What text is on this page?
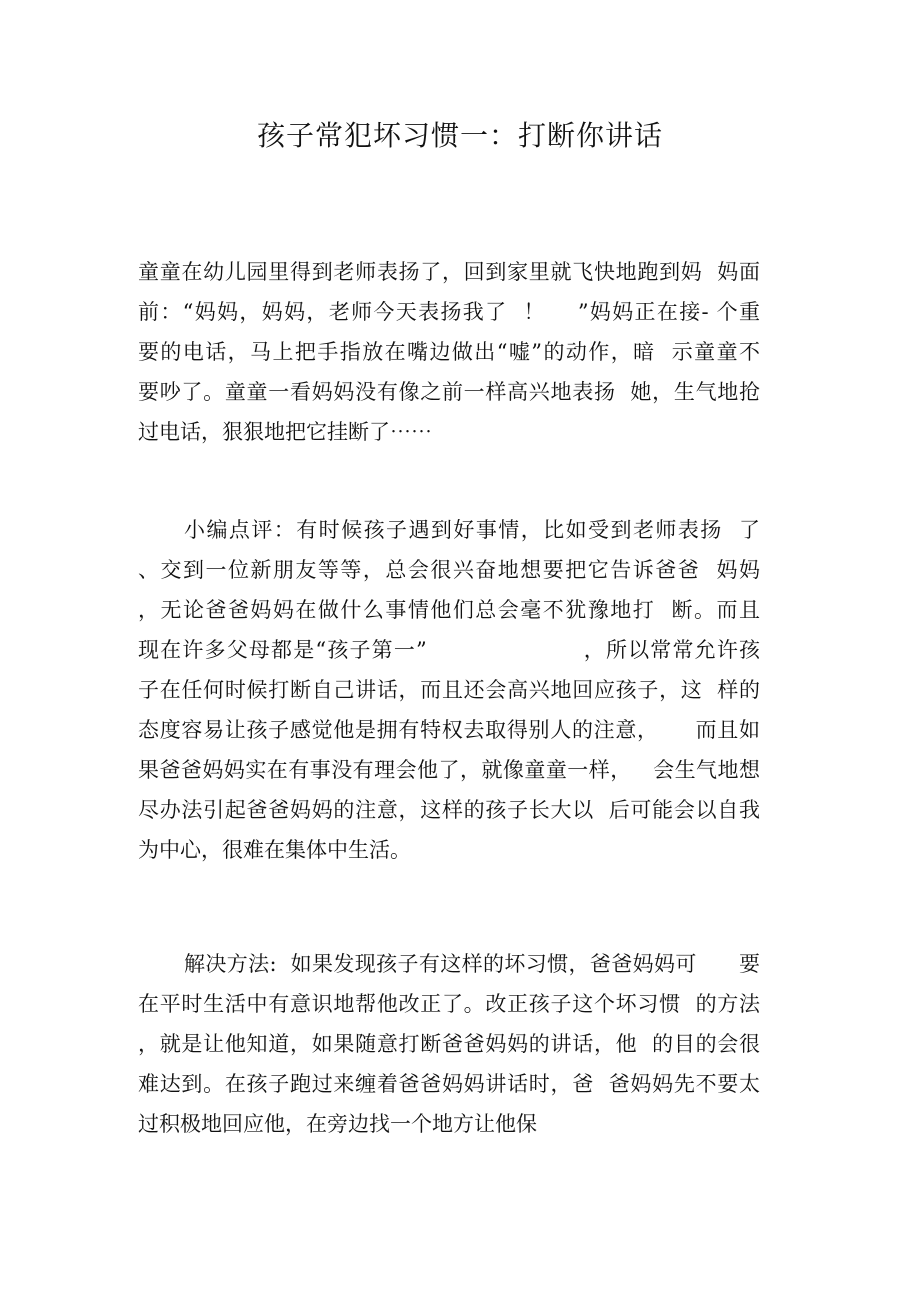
孩子常犯坏习惯一：打断你讲话
童童在幼儿园里得到老师表扬了，回到家里就飞快地跑到妈  妈面
前：“妈妈，妈妈，老师今天表扬我了  ！    ”妈妈正在接- 个重
要的电话，马上把手指放在嘴边做出“嘘”的动作，暗  示童童不
要吵了。童童一看妈妈没有像之前一样高兴地表扬  她，生气地抢
过电话，狠狠地把它挂断了⋯⋯
小编点评：有时候孩子遇到好事情，比如受到老师表扬  了
、交到一位新朋友等等，总会很兴奋地想要把它告诉爸爸  妈妈
，无论爸爸妈妈在做什么事情他们总会毫不犹豫地打  断。而且
现在许多父母都是“孩子第一”                    ，所以常常允许孩
子在任何时候打断自己讲话，而且还会高兴地回应孩子，这  样的
态度容易让孩子感觉他是拥有特权去取得别人的注意，     而且如
果爸爸妈妈实在有事没有理会他了，就像童童一样，   会生气地想
尽办法引起爸爸妈妈的注意，这样的孩子长大以  后可能会以自我
为中心，很难在集体中生活。
解决方法:  如果发现孩子有这样的坏习惯，爸爸妈妈可      要
在平时生活中有意识地帮他改正了。改正孩子这个坏习惯  的方法
，就是让他知道，如果随意打断爸爸妈妈的讲话，他  的目的会很
难达到。在孩子跑过来缠着爸爸妈妈讲话时，爸  爸妈妈先不要太
过积极地回应他，在旁边找一个地方让他保
